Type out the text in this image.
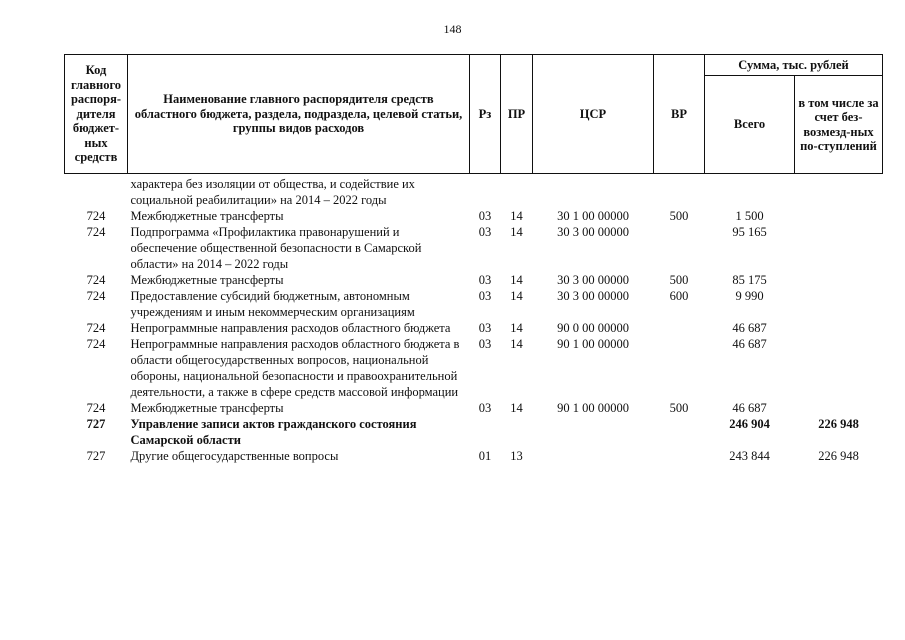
148
Код главного распоря-дителя бюджет-ных средств	Наименование главного распорядителя средств областного бюджета, раздела, подраздела, целевой статьи, группы видов расходов	Рз	ПР	ЦСР	ВР	Сумма, тыс. рублей	
						Всего	в том числе за счет без-возмезд-ных по-ступлений
	характера без изоляции от общества, и содействие их социальной реабилитации» на 2014 – 2022 годы						
724	Межбюджетные трансферты	03	14	30 1 00 00000	500	1 500	
724	Подпрограмма «Профилактика правонарушений и обеспечение общественной безопасности в Самарской области» на 2014 – 2022 годы	03	14	30 3 00 00000		95 165	
724	Межбюджетные трансферты	03	14	30 3 00 00000	500	85 175	
724	Предоставление субсидий бюджетным, автономным учреждениям и иным некоммерческим организациям	03	14	30 3 00 00000	600	9 990	
724	Непрограммные направления расходов областного бюджета	03	14	90 0 00 00000		46 687	
724	Непрограммные направления расходов областного бюджета в области общегосударственных вопросов, национальной обороны, национальной безопасности и правоохранительной деятельности, а также в сфере средств массовой информации	03	14	90 1 00 00000		46 687	
724	Межбюджетные трансферты	03	14	90 1 00 00000	500	46 687	
727	Управление записи актов гражданского состояния Самарской области					246 904	226 948
727	Другие общегосударственные вопросы	01	13			243 844	226 948
